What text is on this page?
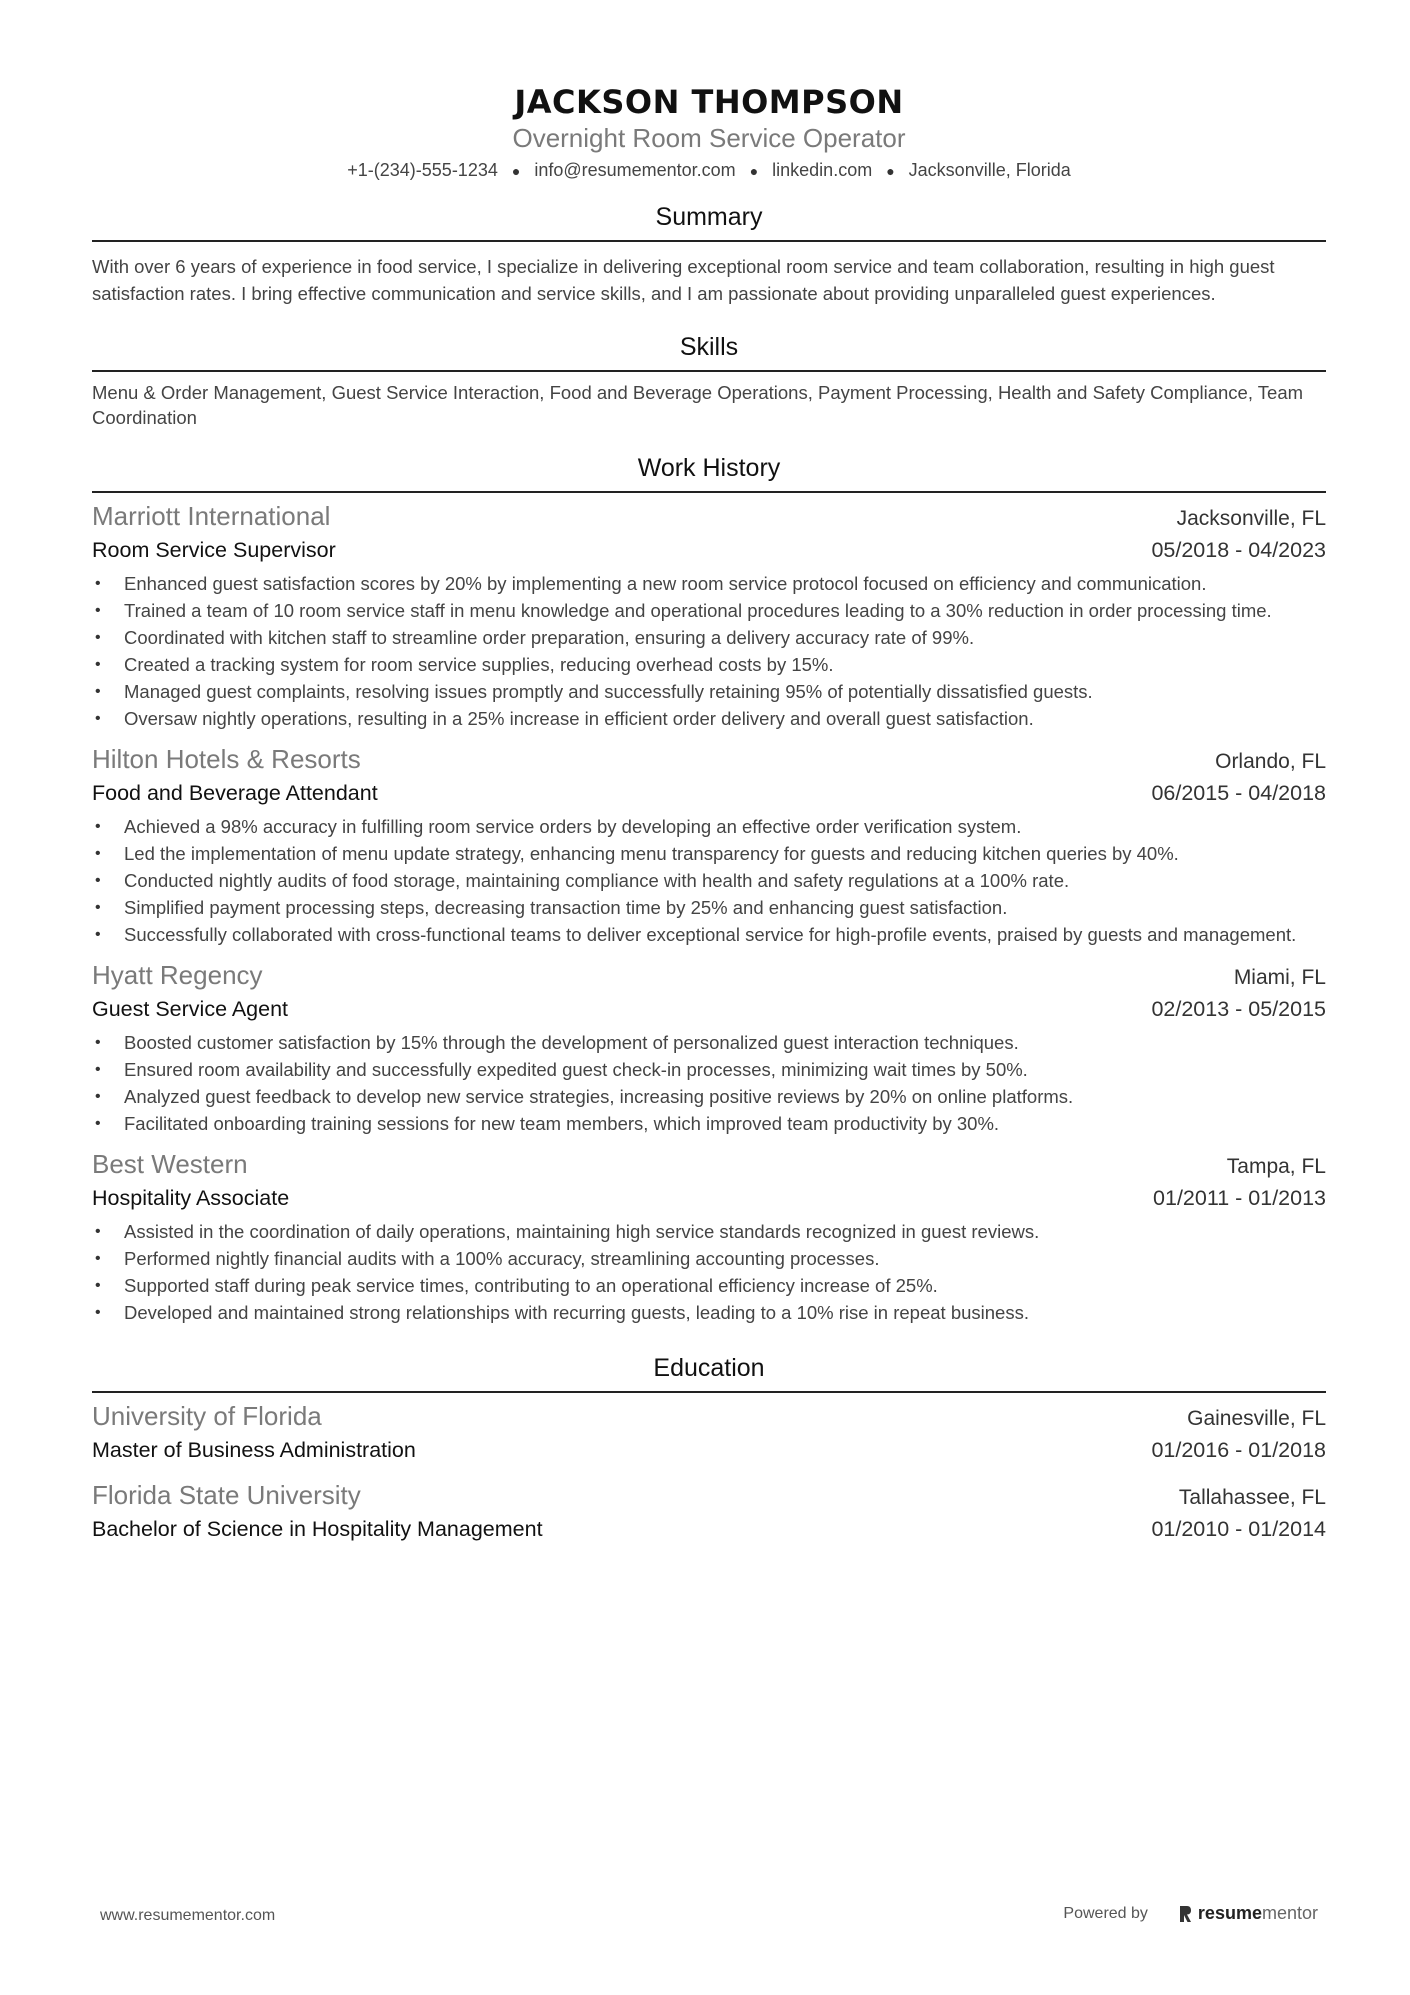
JACKSON THOMPSON
Overnight Room Service Operator
+1-(234)-555-1234 ● info@resumementor.com ● linkedin.com ● Jacksonville, Florida
Summary
With over 6 years of experience in food service, I specialize in delivering exceptional room service and team collaboration, resulting in high guest satisfaction rates. I bring effective communication and service skills, and I am passionate about providing unparalleled guest experiences.
Skills
Menu & Order Management, Guest Service Interaction, Food and Beverage Operations, Payment Processing, Health and Safety Compliance, Team Coordination
Work History
Marriott International	Jacksonville, FL
Room Service Supervisor	05/2018 - 04/2023
• Enhanced guest satisfaction scores by 20% by implementing a new room service protocol focused on efficiency and communication.
• Trained a team of 10 room service staff in menu knowledge and operational procedures leading to a 30% reduction in order processing time.
• Coordinated with kitchen staff to streamline order preparation, ensuring a delivery accuracy rate of 99%.
• Created a tracking system for room service supplies, reducing overhead costs by 15%.
• Managed guest complaints, resolving issues promptly and successfully retaining 95% of potentially dissatisfied guests.
• Oversaw nightly operations, resulting in a 25% increase in efficient order delivery and overall guest satisfaction.
Hilton Hotels & Resorts	Orlando, FL
Food and Beverage Attendant	06/2015 - 04/2018
• Achieved a 98% accuracy in fulfilling room service orders by developing an effective order verification system.
• Led the implementation of menu update strategy, enhancing menu transparency for guests and reducing kitchen queries by 40%.
• Conducted nightly audits of food storage, maintaining compliance with health and safety regulations at a 100% rate.
• Simplified payment processing steps, decreasing transaction time by 25% and enhancing guest satisfaction.
• Successfully collaborated with cross-functional teams to deliver exceptional service for high-profile events, praised by guests and management.
Hyatt Regency	Miami, FL
Guest Service Agent	02/2013 - 05/2015
• Boosted customer satisfaction by 15% through the development of personalized guest interaction techniques.
• Ensured room availability and successfully expedited guest check-in processes, minimizing wait times by 50%.
• Analyzed guest feedback to develop new service strategies, increasing positive reviews by 20% on online platforms.
• Facilitated onboarding training sessions for new team members, which improved team productivity by 30%.
Best Western	Tampa, FL
Hospitality Associate	01/2011 - 01/2013
• Assisted in the coordination of daily operations, maintaining high service standards recognized in guest reviews.
• Performed nightly financial audits with a 100% accuracy, streamlining accounting processes.
• Supported staff during peak service times, contributing to an operational efficiency increase of 25%.
• Developed and maintained strong relationships with recurring guests, leading to a 10% rise in repeat business.
Education
University of Florida	Gainesville, FL
Master of Business Administration	01/2016 - 01/2018
Florida State University	Tallahassee, FL
Bachelor of Science in Hospitality Management	01/2010 - 01/2014
www.resumementor.com	Powered by	resumementor
